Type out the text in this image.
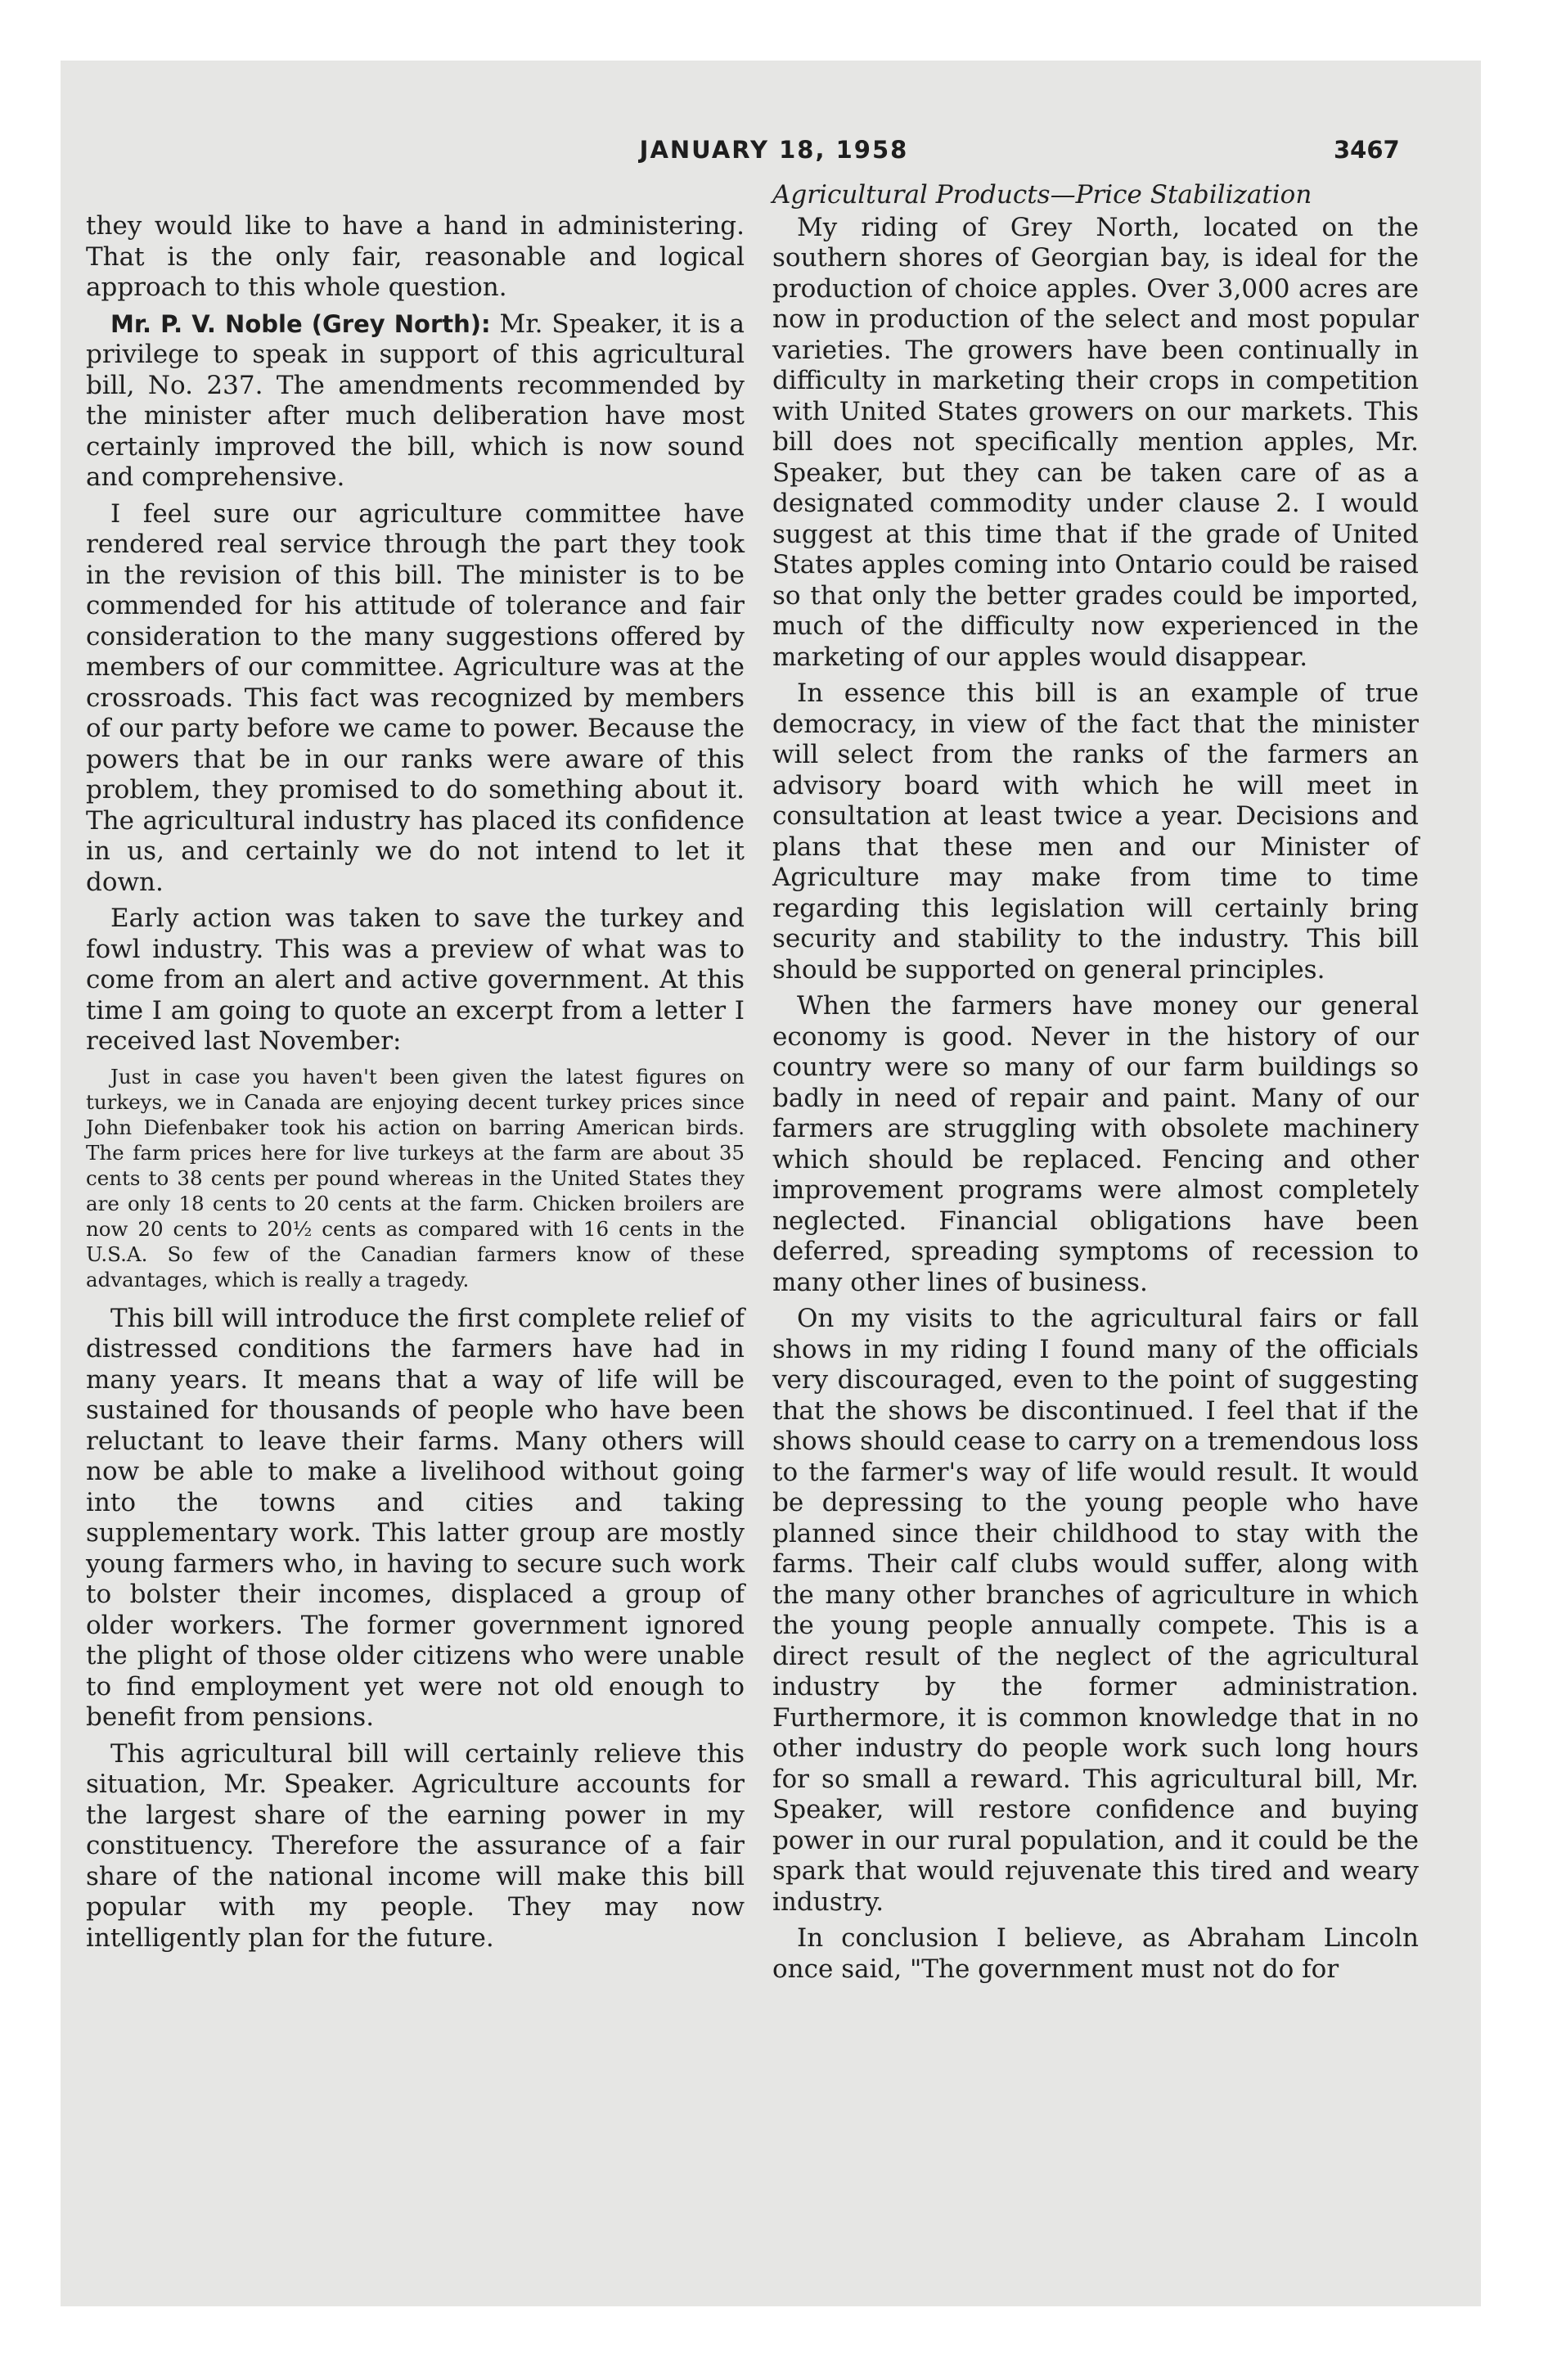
JANUARY 18, 1958	3467

they would like to have a hand in administering. That is the only fair, reasonable and logical approach to this whole question.

Mr. P. V. Noble (Grey North): Mr. Speaker, it is a privilege to speak in support of this agricultural bill, No. 237. The amendments recommended by the minister after much deliberation have most certainly improved the bill, which is now sound and comprehensive.

I feel sure our agriculture committee have rendered real service through the part they took in the revision of this bill. The minister is to be commended for his attitude of tolerance and fair consideration to the many suggestions offered by members of our committee. Agriculture was at the crossroads. This fact was recognized by members of our party before we came to power. Because the powers that be in our ranks were aware of this problem, they promised to do something about it. The agricultural industry has placed its confidence in us, and certainly we do not intend to let it down.

Early action was taken to save the turkey and fowl industry. This was a preview of what was to come from an alert and active government. At this time I am going to quote an excerpt from a letter I received last November:

Just in case you haven't been given the latest figures on turkeys, we in Canada are enjoying decent turkey prices since John Diefenbaker took his action on barring American birds. The farm prices here for live turkeys at the farm are about 35 cents to 38 cents per pound whereas in the United States they are only 18 cents to 20 cents at the farm. Chicken broilers are now 20 cents to 20½ cents as compared with 16 cents in the U.S.A. So few of the Canadian farmers know of these advantages, which is really a tragedy.

This bill will introduce the first complete relief of distressed conditions the farmers have had in many years. It means that a way of life will be sustained for thousands of people who have been reluctant to leave their farms. Many others will now be able to make a livelihood without going into the towns and cities and taking supplementary work. This latter group are mostly young farmers who, in having to secure such work to bolster their incomes, displaced a group of older workers. The former government ignored the plight of those older citizens who were unable to find employment yet were not old enough to benefit from pensions.

This agricultural bill will certainly relieve this situation, Mr. Speaker. Agriculture accounts for the largest share of the earning power in my constituency. Therefore the assurance of a fair share of the national income will make this bill popular with my people. They may now intelligently plan for the future.

Agricultural Products—Price Stabilization

My riding of Grey North, located on the southern shores of Georgian bay, is ideal for the production of choice apples. Over 3,000 acres are now in production of the select and most popular varieties. The growers have been continually in difficulty in marketing their crops in competition with United States growers on our markets. This bill does not specifically mention apples, Mr. Speaker, but they can be taken care of as a designated commodity under clause 2. I would suggest at this time that if the grade of United States apples coming into Ontario could be raised so that only the better grades could be imported, much of the difficulty now experienced in the marketing of our apples would disappear.

In essence this bill is an example of true democracy, in view of the fact that the minister will select from the ranks of the farmers an advisory board with which he will meet in consultation at least twice a year. Decisions and plans that these men and our Minister of Agriculture may make from time to time regarding this legislation will certainly bring security and stability to the industry. This bill should be supported on general principles.

When the farmers have money our general economy is good. Never in the history of our country were so many of our farm buildings so badly in need of repair and paint. Many of our farmers are struggling with obsolete machinery which should be replaced. Fencing and other improvement programs were almost completely neglected. Financial obligations have been deferred, spreading symptoms of recession to many other lines of business.

On my visits to the agricultural fairs or fall shows in my riding I found many of the officials very discouraged, even to the point of suggesting that the shows be discontinued. I feel that if the shows should cease to carry on a tremendous loss to the farmer's way of life would result. It would be depressing to the young people who have planned since their childhood to stay with the farms. Their calf clubs would suffer, along with the many other branches of agriculture in which the young people annually compete. This is a direct result of the neglect of the agricultural industry by the former administration. Furthermore, it is common knowledge that in no other industry do people work such long hours for so small a reward. This agricultural bill, Mr. Speaker, will restore confidence and buying power in our rural population, and it could be the spark that would rejuvenate this tired and weary industry.

In conclusion I believe, as Abraham Lincoln once said, "The government must not do for
